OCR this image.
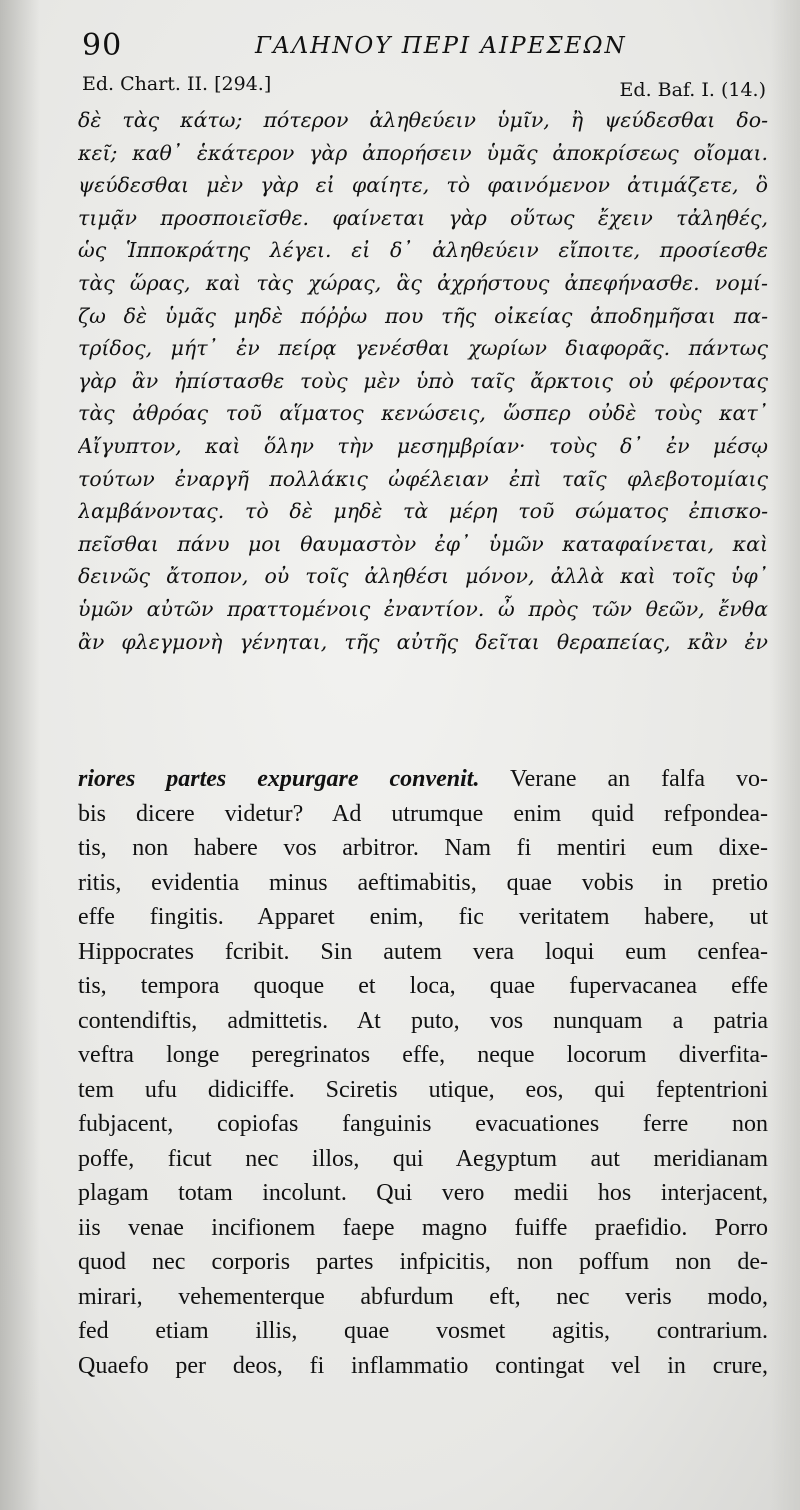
90	ΓΑΛΗΝΟΥ ΠΕΡΙ ΑΙΡΕΣΕΩΝ
Ed. Chart. II. [294.]	Ed. Baf. I. (14.)
δὲ τὰς κάτω; πότερον ἀληθεύειν ὑμῖν, ἢ ψεύδεσθαι δο-
κεῖ; καθ᾽ ἑκάτερον γὰρ ἀπορήσειν ὑμᾶς ἀποκρίσεως οἴομαι.
ψεύδεσθαι μὲν γὰρ εἰ φαίητε, τὸ φαινόμενον ἀτιμάζετε, ὃ
τιμᾷν προσποιεῖσθε. φαίνεται γὰρ οὕτως ἔχειν τἀληθές,
ὡς Ἱπποκράτης λέγει. εἰ δ᾽ ἀληθεύειν εἴποιτε, προσίεσθε
τὰς ὥρας, καὶ τὰς χώρας, ἃς ἀχρήστους ἀπεφήνασθε. νομί-
ζω δὲ ὑμᾶς μηδὲ πόῤῥω που τῆς οἰκείας ἀποδημῆσαι πα-
τρίδος, μήτ᾽ ἐν πείρᾳ γενέσθαι χωρίων διαφορᾶς. πάντως
γὰρ ἂν ἠπίστασθε τοὺς μὲν ὑπὸ ταῖς ἄρκτοις οὐ φέροντας
τὰς ἀθρόας τοῦ αἵματος κενώσεις, ὥσπερ οὐδὲ τοὺς κατ᾽
Αἴγυπτον, καὶ ὅλην τὴν μεσημβρίαν· τοὺς δ᾽ ἐν μέσῳ
τούτων ἐναργῆ πολλάκις ὠφέλειαν ἐπὶ ταῖς φλεβοτομίαις
λαμβάνοντας. τὸ δὲ μηδὲ τὰ μέρη τοῦ σώματος ἐπισκο-
πεῖσθαι πάνυ μοι θαυμαστὸν ἐφ᾽ ὑμῶν καταφαίνεται, καὶ
δεινῶς ἄτοπον, οὐ τοῖς ἀληθέσι μόνον, ἀλλὰ καὶ τοῖς ὑφ᾽
ὑμῶν αὐτῶν πραττομένοις ἐναντίον. ὦ πρὸς τῶν θεῶν, ἔνθα
ἂν φλεγμονὴ γένηται, τῆς αὐτῆς δεῖται θεραπείας, κἂν ἐν
riores partes expurgare convenit. Verane an falfa vo-
bis dicere videtur? Ad utrumque enim quid refpondea-
tis, non habere vos arbitror. Nam fi mentiri eum dixe-
ritis, evidentia minus aeftimabitis, quae vobis in pretio
effe fingitis. Apparet enim, fic veritatem habere, ut
Hippocrates fcribit. Sin autem vera loqui eum cenfea-
tis, tempora quoque et loca, quae fupervacanea effe
contendiftis, admittetis. At puto, vos nunquam a patria
veftra longe peregrinatos effe, neque locorum diverfita-
tem ufu didiciffe. Sciretis utique, eos, qui feptentrioni
fubjacent, copiofas fanguinis evacuationes ferre non
poffe, ficut nec illos, qui Aegyptum aut meridianam
plagam totam incolunt. Qui vero medii hos interjacent,
iis venae incifionem faepe magno fuiffe praefidio. Porro
quod nec corporis partes infpicitis, non poffum non de-
mirari, vehementerque abfurdum eft, nec veris modo,
fed etiam illis, quae vosmet agitis, contrarium.
Quaefo per deos, fi inflammatio contingat vel in crure,
